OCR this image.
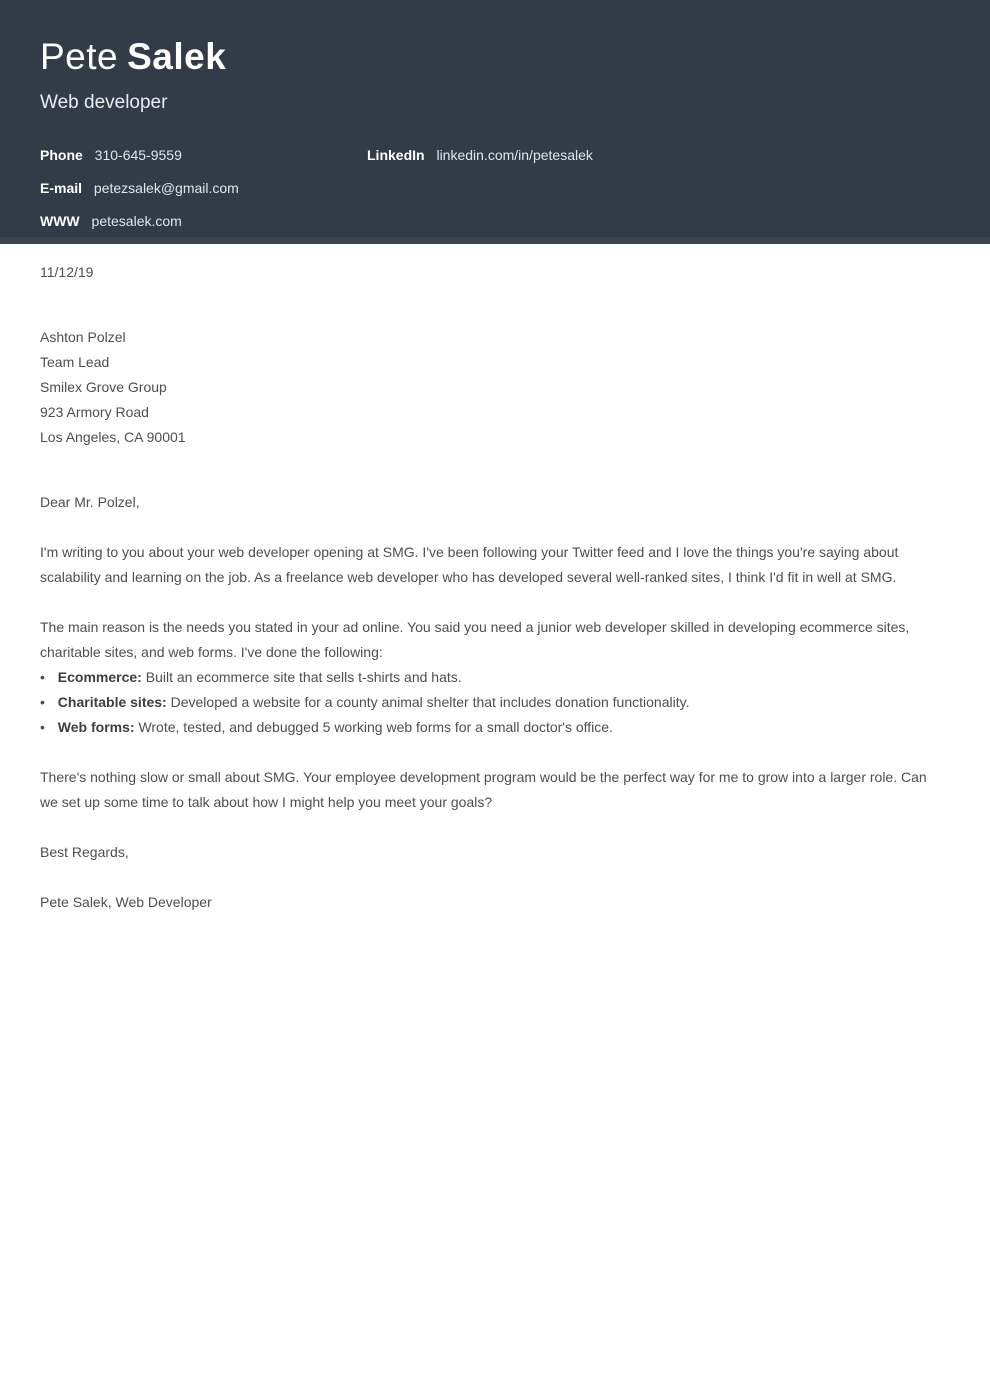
Pete Salek
Web developer
Phone 310-645-9559
E-mail petezsalek@gmail.com
WWW petesalek.com
LinkedIn linkedin.com/in/petesalek

11/12/19

Ashton Polzel
Team Lead
Smilex Grove Group
923 Armory Road
Los Angeles, CA 90001

Dear Mr. Polzel,

I'm writing to you about your web developer opening at SMG. I've been following your Twitter feed and I love the things you're saying about scalability and learning on the job. As a freelance web developer who has developed several well-ranked sites, I think I'd fit in well at SMG.

The main reason is the needs you stated in your ad online. You said you need a junior web developer skilled in developing ecommerce sites, charitable sites, and web forms. I've done the following:

• Ecommerce: Built an ecommerce site that sells t-shirts and hats.
• Charitable sites: Developed a website for a county animal shelter that includes donation functionality.
• Web forms: Wrote, tested, and debugged 5 working web forms for a small doctor's office.

There's nothing slow or small about SMG. Your employee development program would be the perfect way for me to grow into a larger role. Can we set up some time to talk about how I might help you meet your goals?

Best Regards,

Pete Salek, Web Developer
